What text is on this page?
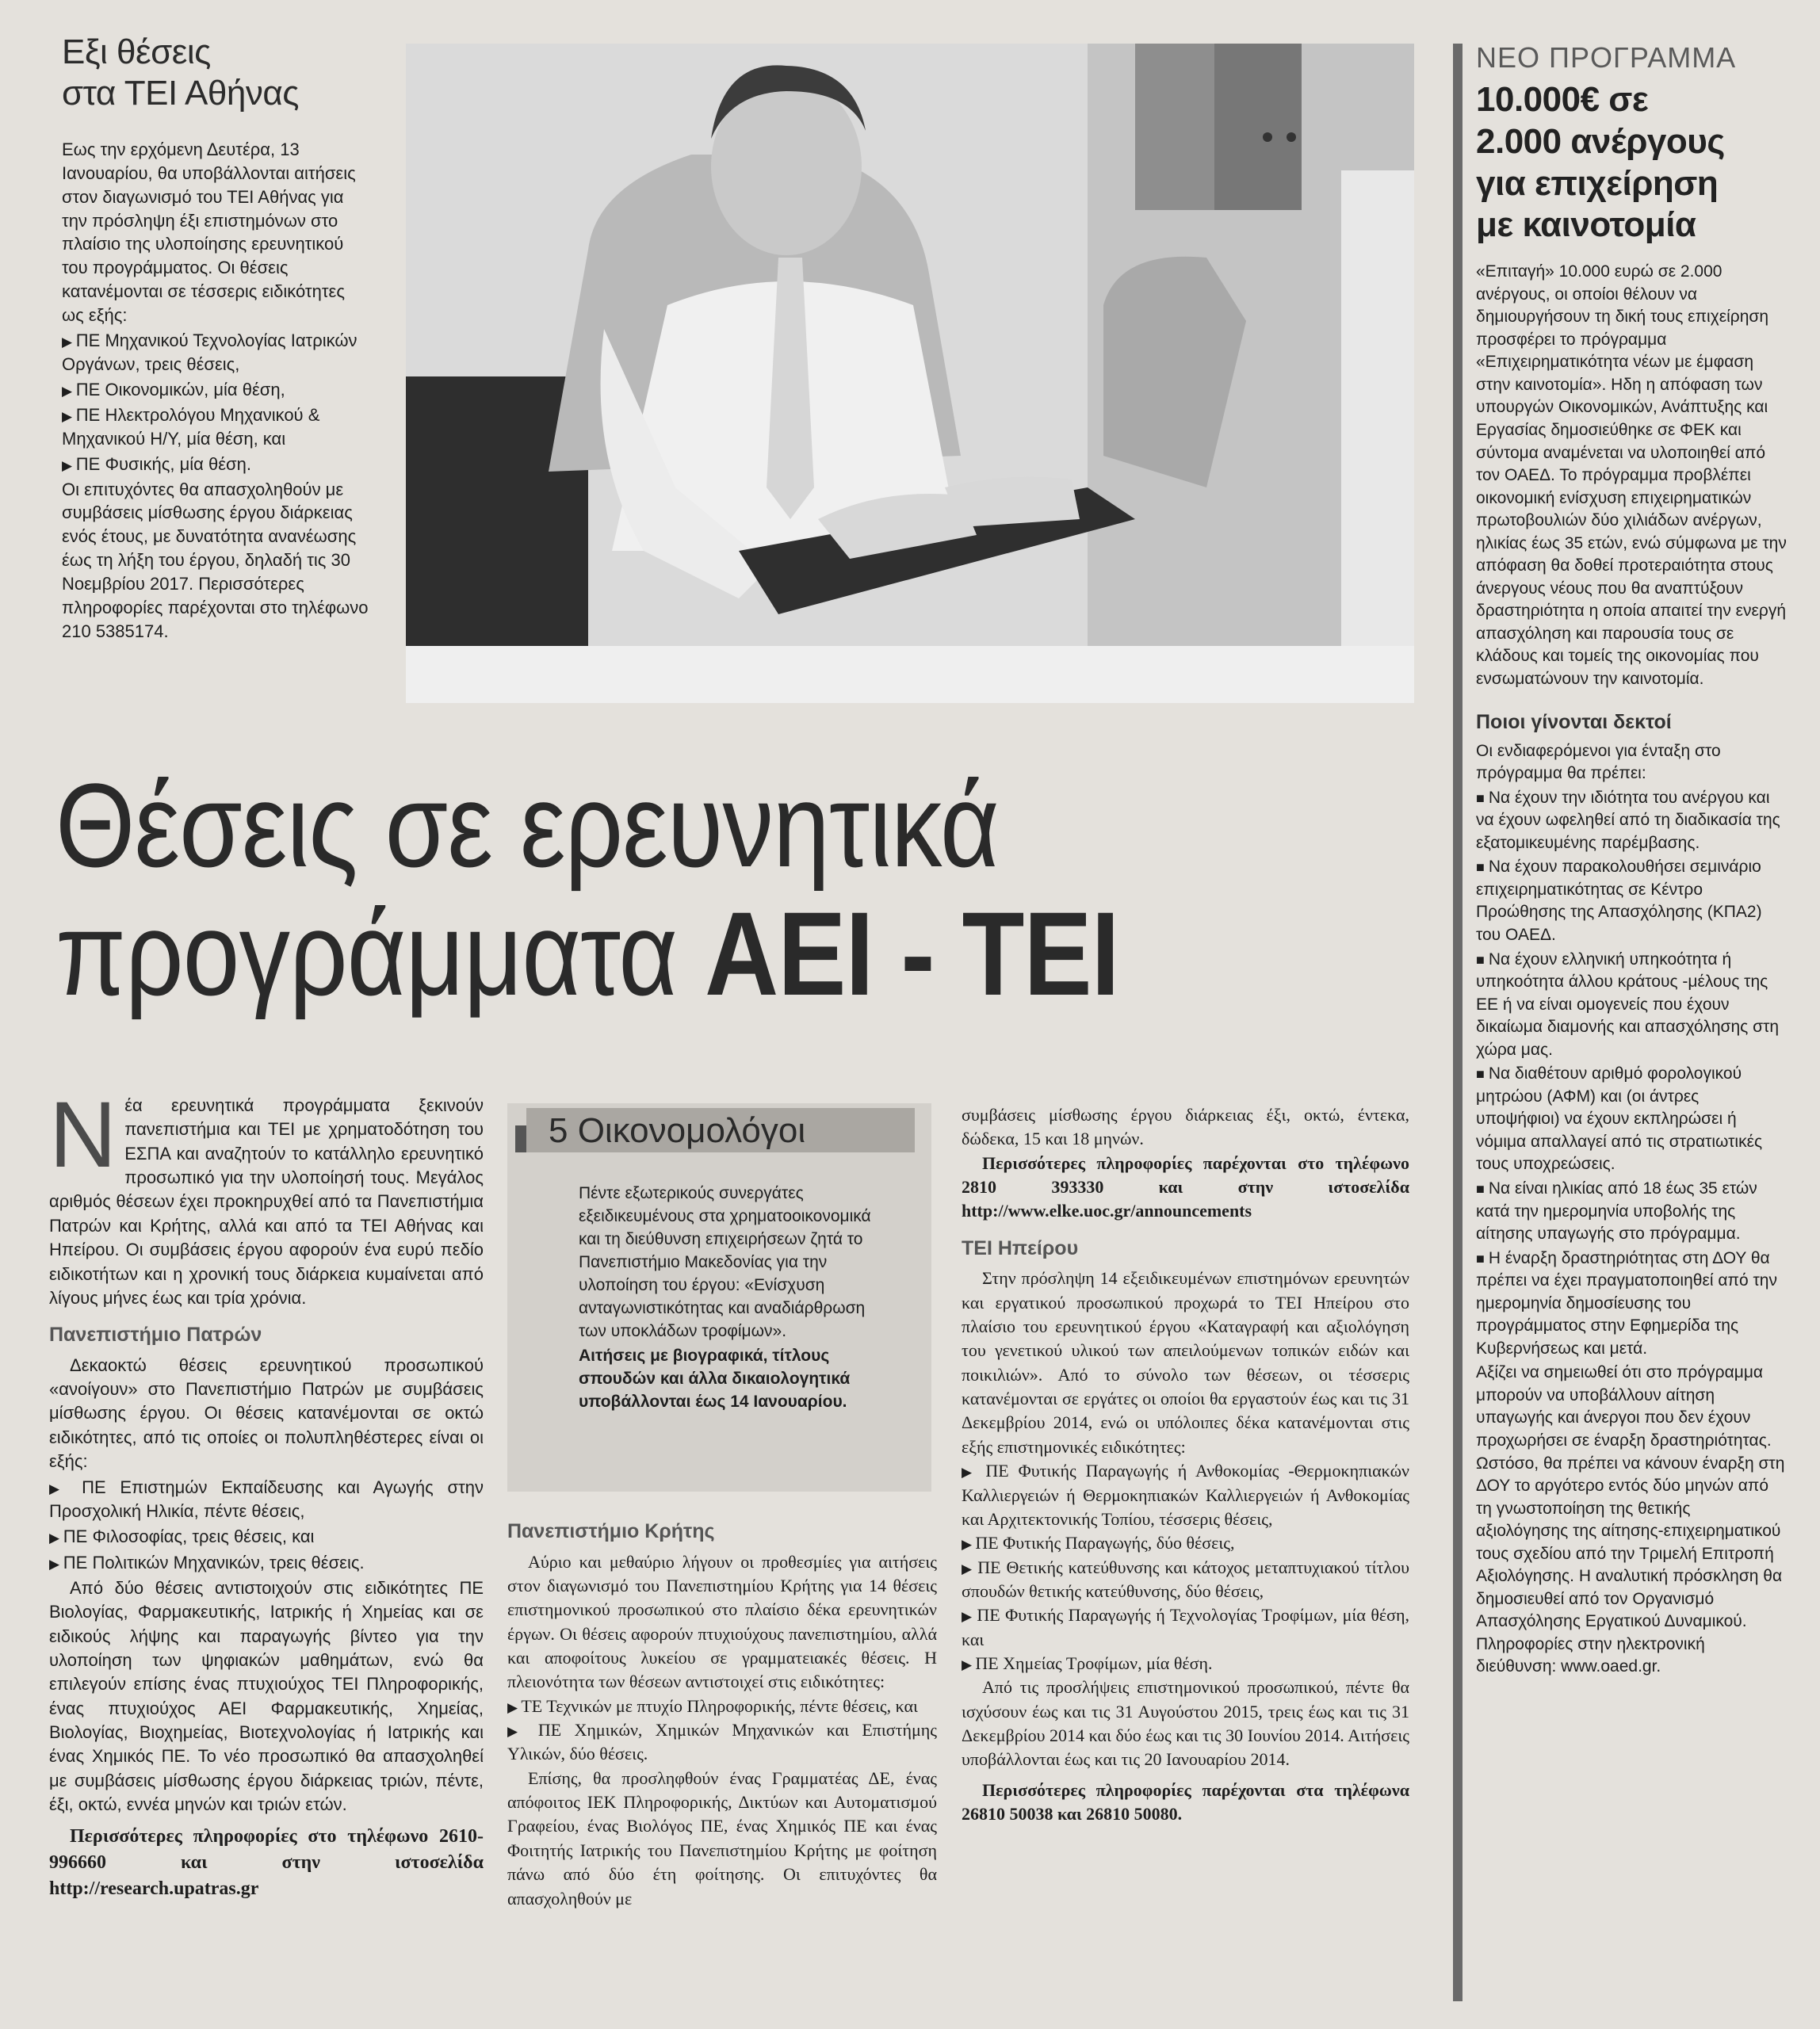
Εξι θέσεις
στα ΤΕΙ Αθήνας

Εως την ερχόμενη Δευτέρα, 13 Ιανουαρίου, θα υποβάλλονται αιτήσεις στον διαγωνισμό του ΤΕΙ Αθήνας για την πρόσληψη έξι επιστημόνων στο πλαίσιο της υλοποίησης ερευνητικού του προγράμματος. Οι θέσεις κατανέμονται σε τέσσερις ειδικότητες ως εξής:

▶ ΠΕ Μηχανικού Τεχνολογίας Ιατρικών Οργάνων, τρεις θέσεις,

▶ ΠΕ Οικονομικών, μία θέση,

▶ ΠΕ Ηλεκτρολόγου Μηχανικού & Μηχανικού Η/Υ, μία θέση, και

▶ ΠΕ Φυσικής, μία θέση.

Οι επιτυχόντες θα απασχοληθούν με συμβάσεις μίσθωσης έργου διάρκειας ενός έτους, με δυνατότητα ανανέωσης έως τη λήξη του έργου, δηλαδή τις 30 Νοεμβρίου 2017. Περισσότερες πληροφορίες παρέχονται στο τηλέφωνο 210 5385174.

Θέσεις σε ερευνητικά
προγράμματα ΑΕΙ - ΤΕΙ

Νέα ερευνητικά προγράμματα ξεκινούν πανεπιστήμια και ΤΕΙ με χρηματοδότηση του ΕΣΠΑ και αναζητούν το κατάλληλο ερευνητικό προσωπικό για την υλοποίησή τους. Μεγάλος αριθμός θέσεων έχει προκηρυχθεί από τα Πανεπιστήμια Πατρών και Κρήτης, αλλά και από τα ΤΕΙ Αθήνας και Ηπείρου. Οι συμβάσεις έργου αφορούν ένα ευρύ πεδίο ειδικοτήτων και η χρονική τους διάρκεια κυμαίνεται από λίγους μήνες έως και τρία χρόνια.

Πανεπιστήμιο Πατρών

Δεκαοκτώ θέσεις ερευνητικού προσωπικού «ανοίγουν» στο Πανεπιστήμιο Πατρών με συμβάσεις μίσθωσης έργου. Οι θέσεις κατανέμονται σε οκτώ ειδικότητες, από τις οποίες οι πολυπληθέστερες είναι οι εξής:

▶ ΠΕ Επιστημών Εκπαίδευσης και Αγωγής στην Προσχολική Ηλικία, πέντε θέσεις,

▶ ΠΕ Φιλοσοφίας, τρεις θέσεις, και

▶ ΠΕ Πολιτικών Μηχανικών, τρεις θέσεις.

Από δύο θέσεις αντιστοιχούν στις ειδικότητες ΠΕ Βιολογίας, Φαρμακευτικής, Ιατρικής ή Χημείας και σε ειδικούς λήψης και παραγωγής βίντεο για την υλοποίηση των ψηφιακών μαθημάτων, ενώ θα επιλεγούν επίσης ένας πτυχιούχος ΤΕΙ Πληροφορικής, ένας πτυχιούχος ΑΕΙ Φαρμακευτικής, Χημείας, Βιολογίας, Βιοχημείας, Βιοτεχνολογίας ή Ιατρικής και ένας Χημικός ΠΕ. Το νέο προσωπικό θα απασχοληθεί με συμβάσεις μίσθωσης έργου διάρκειας τριών, πέντε, έξι, οκτώ, εννέα μηνών και τριών ετών.

Περισσότερες πληροφορίες στο τηλέφωνο 2610-996660 και στην ιστοσελίδα http://research.upatras.gr

5 Οικονομολόγοι

Πέντε εξωτερικούς συνεργάτες εξειδικευμένους στα χρηματοοικονομικά και τη διεύθυνση επιχειρήσεων ζητά το Πανεπιστήμιο Μακεδονίας για την υλοποίηση του έργου: «Ενίσχυση ανταγωνιστικότητας και αναδιάρθρωση των υποκλάδων τροφίμων».

Αιτήσεις με βιογραφικά, τίτλους σπουδών και άλλα δικαιολογητικά υποβάλλονται έως 14 Ιανουαρίου.

Πανεπιστήμιο Κρήτης

Αύριο και μεθαύριο λήγουν οι προθεσμίες για αιτήσεις στον διαγωνισμό του Πανεπιστημίου Κρήτης για 14 θέσεις επιστημονικού προσωπικού στο πλαίσιο δέκα ερευνητικών έργων. Οι θέσεις αφορούν πτυχιούχους πανεπιστημίου, αλλά και αποφοίτους λυκείου σε γραμματειακές θέσεις. Η πλειονότητα των θέσεων αντιστοιχεί στις ειδικότητες:

▶ ΤΕ Τεχνικών με πτυχίο Πληροφορικής, πέντε θέσεις, και

▶ ΠΕ Χημικών, Χημικών Μηχανικών και Επιστήμης Υλικών, δύο θέσεις.

Επίσης, θα προσληφθούν ένας Γραμματέας ΔΕ, ένας απόφοιτος ΙΕΚ Πληροφορικής, Δικτύων και Αυτοματισμού Γραφείου, ένας Βιολόγος ΠΕ, ένας Χημικός ΠΕ και ένας Φοιτητής Ιατρικής του Πανεπιστημίου Κρήτης με φοίτηση πάνω από δύο έτη φοίτησης. Οι επιτυχόντες θα απασχοληθούν με

συμβάσεις μίσθωσης έργου διάρκειας έξι, οκτώ, έντεκα, δώδεκα, 15 και 18 μηνών.

Περισσότερες πληροφορίες παρέχονται στο τηλέφωνο 2810 393330 και στην ιστοσελίδα http://www.elke.uoc.gr/announcements

ΤΕΙ Ηπείρου

Στην πρόσληψη 14 εξειδικευμένων επιστημόνων ερευνητών και εργατικού προσωπικού προχωρά το ΤΕΙ Ηπείρου στο πλαίσιο του ερευνητικού έργου «Καταγραφή και αξιολόγηση του γενετικού υλικού των απειλούμενων τοπικών ειδών και ποικιλιών». Από το σύνολο των θέσεων, οι τέσσερις κατανέμονται σε εργάτες οι οποίοι θα εργαστούν έως και τις 31 Δεκεμβρίου 2014, ενώ οι υπόλοιπες δέκα κατανέμονται στις εξής επιστημονικές ειδικότητες:

▶ ΠΕ Φυτικής Παραγωγής ή Ανθοκομίας -Θερμοκηπιακών Καλλιεργειών ή Θερμοκηπιακών Καλλιεργειών ή Ανθοκομίας και Αρχιτεκτονικής Τοπίου, τέσσερις θέσεις,

▶ ΠΕ Φυτικής Παραγωγής, δύο θέσεις,

▶ ΠΕ Θετικής κατεύθυνσης και κάτοχος μεταπτυχιακού τίτλου σπουδών θετικής κατεύθυνσης, δύο θέσεις,

▶ ΠΕ Φυτικής Παραγωγής ή Τεχνολογίας Τροφίμων, μία θέση, και

▶ ΠΕ Χημείας Τροφίμων, μία θέση.

Από τις προσλήψεις επιστημονικού προσωπικού, πέντε θα ισχύσουν έως και τις 31 Αυγούστου 2015, τρεις έως και τις 31 Δεκεμβρίου 2014 και δύο έως και τις 30 Ιουνίου 2014. Αιτήσεις υποβάλλονται έως και τις 20 Ιανουαρίου 2014.

Περισσότερες πληροφορίες παρέχονται στα τηλέφωνα 26810 50038 και 26810 50080.

ΝΕΟ ΠΡΟΓΡΑΜΜΑ
10.000€ σε
2.000 ανέργους
για επιχείρηση
με καινοτομία

«Επιταγή» 10.000 ευρώ σε 2.000 ανέργους, οι οποίοι θέλουν να δημιουργήσουν τη δική τους επιχείρηση προσφέρει το πρόγραμμα «Επιχειρηματικότητα νέων με έμφαση στην καινοτομία». Ηδη η απόφαση των υπουργών Οικονομικών, Ανάπτυξης και Εργασίας δημοσιεύθηκε σε ΦΕΚ και σύντομα αναμένεται να υλοποιηθεί από τον ΟΑΕΔ. Το πρόγραμμα προβλέπει οικονομική ενίσχυση επιχειρηματικών πρωτοβουλιών δύο χιλιάδων ανέργων, ηλικίας έως 35 ετών, ενώ σύμφωνα με την απόφαση θα δοθεί προτεραιότητα στους άνεργους νέους που θα αναπτύξουν δραστηριότητα η οποία απαιτεί την ενεργή απασχόληση και παρουσία τους σε κλάδους και τομείς της οικονομίας που ενσωματώνουν την καινοτομία.

Ποιοι γίνονται δεκτοί

Οι ενδιαφερόμενοι για ένταξη στο πρόγραμμα θα πρέπει:

■ Να έχουν την ιδιότητα του ανέργου και να έχουν ωφεληθεί από τη διαδικασία της εξατομικευμένης παρέμβασης.

■ Να έχουν παρακολουθήσει σεμινάριο επιχειρηματικότητας σε Κέντρο Προώθησης της Απασχόλησης (ΚΠΑ2) του ΟΑΕΔ.

■ Να έχουν ελληνική υπηκοότητα ή υπηκοότητα άλλου κράτους -μέλους της ΕΕ ή να είναι ομογενείς που έχουν δικαίωμα διαμονής και απασχόλησης στη χώρα μας.

■ Να διαθέτουν αριθμό φορολογικού μητρώου (ΑΦΜ) και (οι άντρες υποψήφιοι) να έχουν εκπληρώσει ή νόμιμα απαλλαγεί από τις στρατιωτικές τους υποχρεώσεις.

■ Να είναι ηλικίας από 18 έως 35 ετών κατά την ημερομηνία υποβολής της αίτησης υπαγωγής στο πρόγραμμα.

■ Η έναρξη δραστηριότητας στη ΔΟΥ θα πρέπει να έχει πραγματοποιηθεί από την ημερομηνία δημοσίευσης του προγράμματος στην Εφημερίδα της Κυβερνήσεως και μετά.

Αξίζει να σημειωθεί ότι στο πρόγραμμα μπορούν να υποβάλλουν αίτηση υπαγωγής και άνεργοι που δεν έχουν προχωρήσει σε έναρξη δραστηριότητας. Ωστόσο, θα πρέπει να κάνουν έναρξη στη ΔΟΥ το αργότερο εντός δύο μηνών από τη γνωστοποίηση της θετικής αξιολόγησης της αίτησης-επιχειρηματικού τους σχεδίου από την Τριμελή Επιτροπή Αξιολόγησης. Η αναλυτική πρόσκληση θα δημοσιευθεί από τον Οργανισμό Απασχόλησης Εργατικού Δυναμικού. Πληροφορίες στην ηλεκτρονική διεύθυνση: www.oaed.gr.
